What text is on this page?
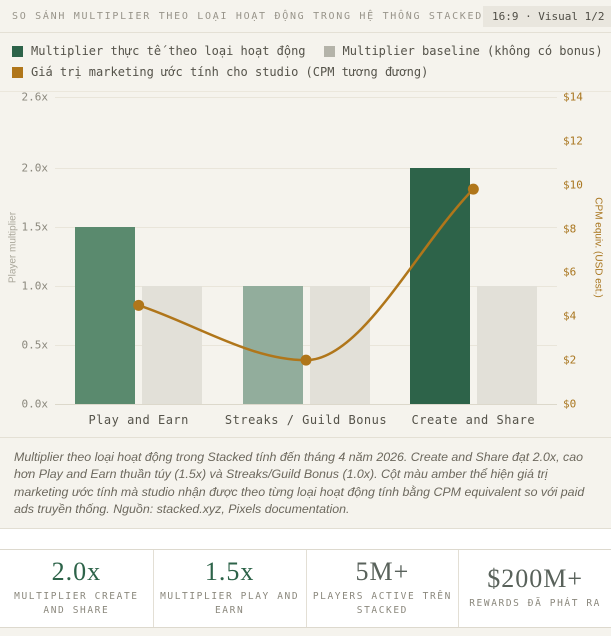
SO SÁNH MULTIPLIER THEO LOẠI HOẠT ĐỘNG TRONG HỆ THỐNG STACKED 16:9 · Visual 1/2
Multiplier thực tế theo loại hoạt động	Multiplier baseline (không có bonus)
Giá trị marketing ước tính cho studio (CPM tương đương)
Player multiplier	CPM equiv. (USD est.)
0.0x
0.5x
1.0x
1.5x
2.0x
2.6x
$0
$2
$4
$6
$8
$10
$12
$14
Play and Earn	Streaks / Guild Bonus Create and Share
Multiplier theo loại hoạt động trong Stacked tính đến tháng 4 năm 2026. Create and Share đạt 2.0x, cao hơn Play and Earn thuần túy (1.5x) và Streaks/Guild Bonus (1.0x). Cột màu amber thể hiện giá trị marketing ước tính mà studio nhận được theo từng loại hoạt động tính bằng CPM equivalent so với paid ads truyền thống. Nguồn: stacked.xyz, Pixels documentation.
2.0x
MULTIPLIER CREATE AND SHARE
1.5x
MULTIPLIER PLAY AND EARN
5M+
PLAYERS ACTIVE TRÊN STACKED
$200M+
REWARDS ĐÃ PHÁT RA
